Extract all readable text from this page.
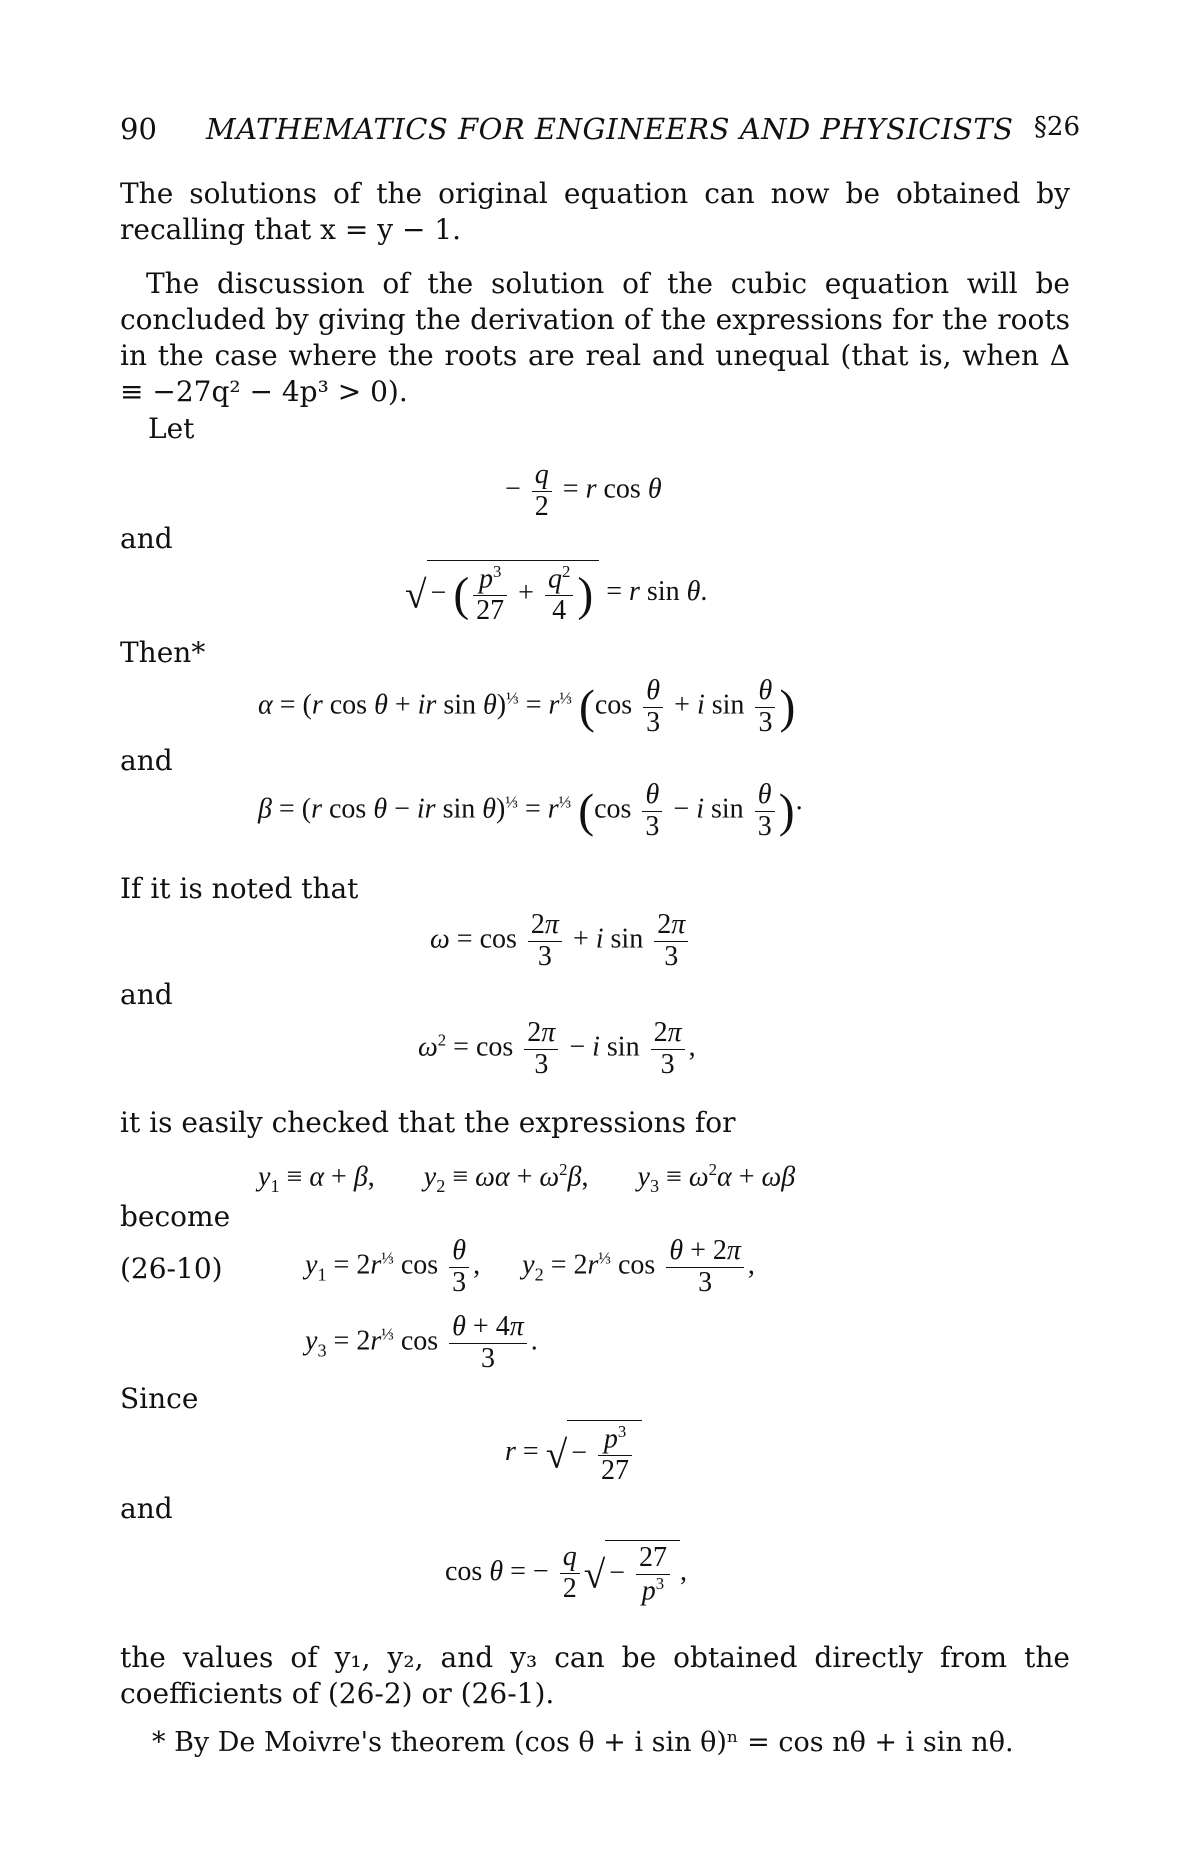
90 MATHEMATICS FOR ENGINEERS AND PHYSICISTS §26
The solutions of the original equation can now be obtained by recalling that x = y − 1.
The discussion of the solution of the cubic equation will be concluded by giving the derivation of the expressions for the roots in the case where the roots are real and unequal (that is, when Δ ≡ −27q² − 4p³ > 0).
Let
− $\frac{q}{2} = r$ cos θ
and
√ − ( $\frac{p^3}{27} + \frac{q^2}{4}$ ) = r sin θ.
Then*
α = (r cos θ + ir $\sin \theta)^{\frac{1}{3}} = r^{\frac{1}{3}}$ ($\cos \frac{\theta}{3} + i$ $\sin \frac{\theta}{3}$ )
and
β = (r cos θ − ir $\sin \theta)^{\frac{1}{3}} = r^{\frac{1}{3}}$ ($\cos \frac{\theta}{3} - i$ $\sin \frac{\theta}{3}$ )·
If it is noted that
$\omega = \cos \frac{2\pi}{3} + i$ $\sin \frac{2\pi}{3}$
and
$\omega^2 = \cos \frac{2\pi}{3} - i$ $\sin \frac{2\pi}{3}$ ,
it is easily checked that the expressions for
$y_1 \equiv \alpha + \beta$,       $y_2 \equiv \omega\alpha + \omega^2\beta$,       $y_3 \equiv \omega^2\alpha + \omega\beta$
become
(26-10)	$y_1 = 2r^{\frac{1}{3}}$ $\cos \frac{\theta}{3}$ ,      $y_2 = 2r^{\frac{1}{3}}$ $\cos \frac{\theta + 2\pi}{3}$ ,
$y_3 = 2r^{\frac{1}{3}}$ $\cos \frac{\theta + 4\pi}{3}$ .
Since
r = √ − $\frac{p^3}{27}$
and
cos θ = − $\frac{q}{2}$ √ − $\frac{27}{p^3}$ ,
the values of y₁, y₂, and y₃ can be obtained directly from the coefficients of (26-2) or (26-1).
* By De Moivre's theorem (cos θ + i sin θ)ⁿ = cos nθ + i sin nθ.
